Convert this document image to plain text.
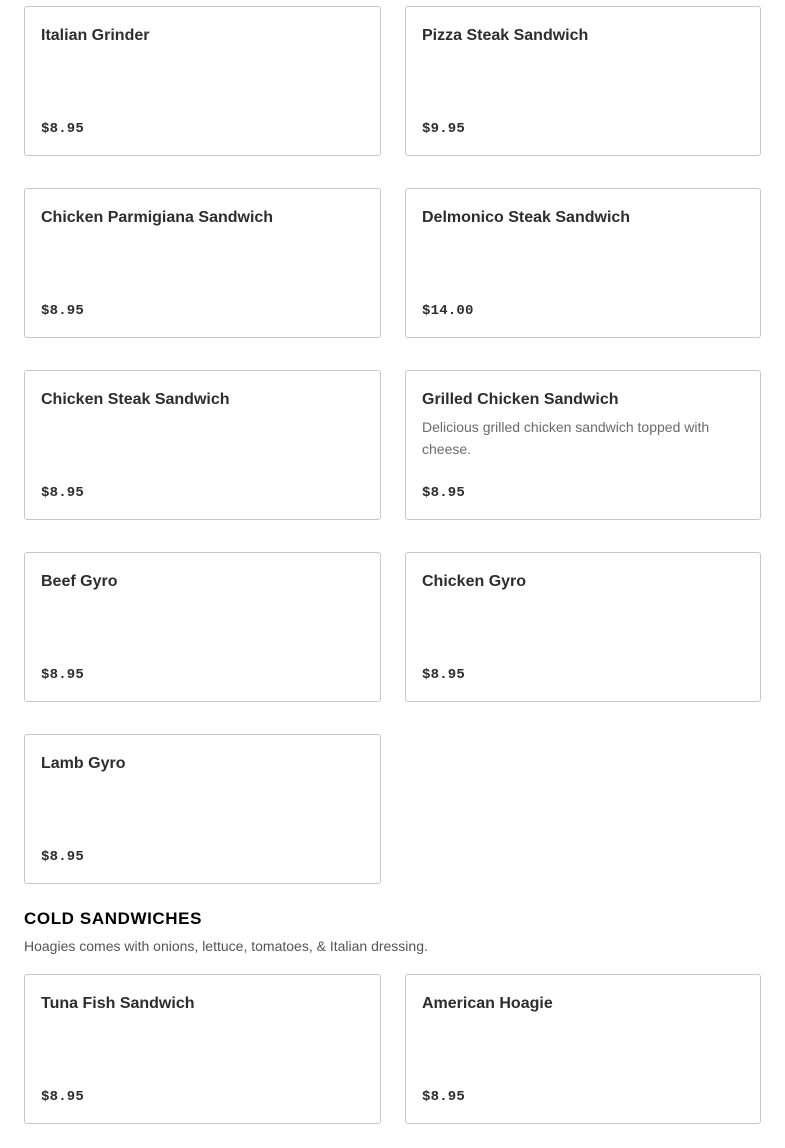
Italian Grinder
$8.95
Pizza Steak Sandwich
$9.95
Chicken Parmigiana Sandwich
$8.95
Delmonico Steak Sandwich
$14.00
Chicken Steak Sandwich
$8.95
Grilled Chicken Sandwich
Delicious grilled chicken sandwich topped with cheese.
$8.95
Beef Gyro
$8.95
Chicken Gyro
$8.95
Lamb Gyro
$8.95
COLD SANDWICHES
Hoagies comes with onions, lettuce, tomatoes, & Italian dressing.
Tuna Fish Sandwich
$8.95
American Hoagie
$8.95
